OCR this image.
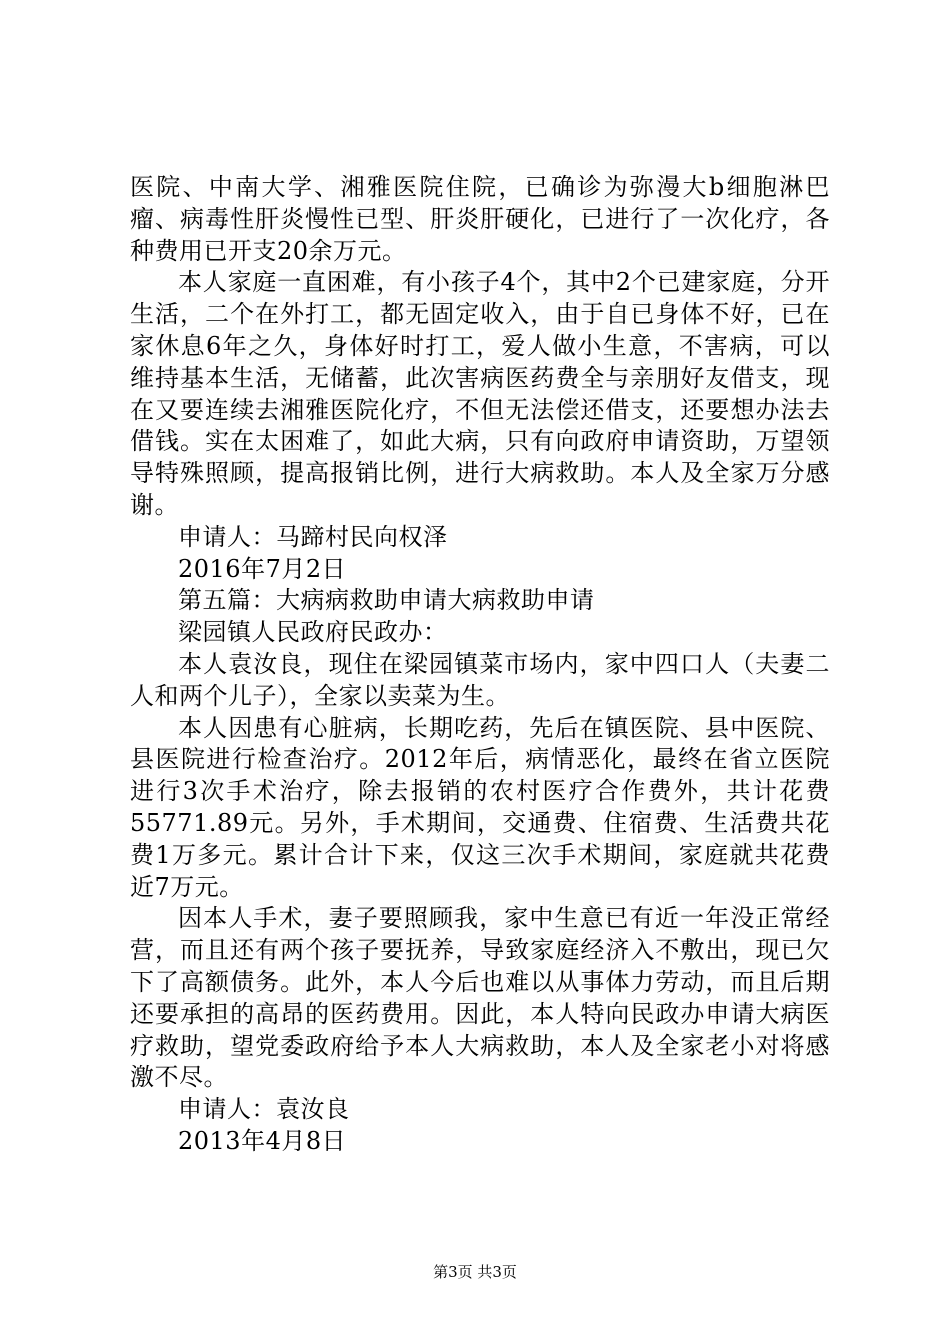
医院、中南大学、湘雅医院住院，已确诊为弥漫大b细胞淋巴瘤、病毒性肝炎慢性已型、肝炎肝硬化，已进行了一次化疗，各种费用已开支20余万元。

本人家庭一直困难，有小孩子4个，其中2个已建家庭，分开生活，二个在外打工，都无固定收入，由于自已身体不好，已在家休息6年之久，身体好时打工，爱人做小生意，不害病，可以维持基本生活，无储蓄，此次害病医药费全与亲朋好友借支，现在又要连续去湘雅医院化疗，不但无法偿还借支，还要想办法去借钱。实在太困难了，如此大病，只有向政府申请资助，万望领导特殊照顾，提高报销比例，进行大病救助。本人及全家万分感谢。

申请人：马蹄村民向权泽

2016年7月2日

第五篇：大病病救助申请大病救助申请

梁园镇人民政府民政办：

本人袁汝良，现住在梁园镇菜市场内，家中四口人（夫妻二人和两个儿子），全家以卖菜为生。

本人因患有心脏病，长期吃药，先后在镇医院、县中医院、县医院进行检查治疗。2012年后，病情恶化，最终在省立医院进行3次手术治疗，除去报销的农村医疗合作费外，共计花费55771.89元。另外，手术期间，交通费、住宿费、生活费共花费1万多元。累计合计下来，仅这三次手术期间，家庭就共花费近7万元。

因本人手术，妻子要照顾我，家中生意已有近一年没正常经营，而且还有两个孩子要抚养，导致家庭经济入不敷出，现已欠下了高额债务。此外，本人今后也难以从事体力劳动，而且后期还要承担的高昂的医药费用。因此，本人特向民政办申请大病医疗救助，望党委政府给予本人大病救助，本人及全家老小对将感激不尽。

申请人：袁汝良

2013年4月8日

第3页 共3页
